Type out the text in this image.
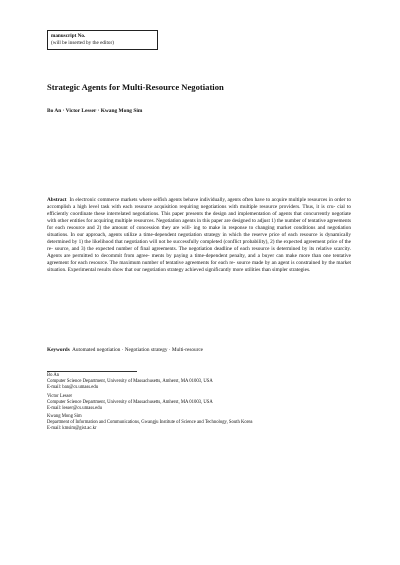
manuscript No.
(will be inserted by the editor)
Strategic Agents for Multi-Resource Negotiation
Bo An · Victor Lesser · Kwang Mong Sim
Abstract In electronic commerce markets where selfish agents behave individually, agents often have to acquire multiple resources in order to accomplish a high level task with each resource acquisition requiring negotiations with multiple resource providers. Thus, it is cru- cial to efficiently coordinate these interrelated negotiations. This paper presents the design and implementation of agents that concurrently negotiate with other entities for acquiring multiple resources. Negotiation agents in this paper are designed to adjust 1) the number of tentative agreements for each resource and 2) the amount of concession they are will- ing to make in response to changing market conditions and negotiation situations. In our approach, agents utilize a time-dependent negotiation strategy in which the reserve price of each resource is dynamically determined by 1) the likelihood that negotiation will not be successfully completed (conflict probability), 2) the expected agreement price of the re- source, and 3) the expected number of final agreements. The negotiation deadline of each resource is determined by its relative scarcity. Agents are permitted to decommit from agree- ments by paying a time-dependent penalty, and a buyer can make more than one tentative agreement for each resource. The maximum number of tentative agreements for each re- source made by an agent is constrained by the market situation. Experimental results show that our negotiation strategy achieved significantly more utilities than simpler strategies.
Keywords Automated negotiation · Negotiation strategy · Multi-resource
Bo An
Computer Science Department, University of Massachusetts, Amherst, MA 01003, USA
E-mail: ban@cs.umass.edu
Victor Lesser
Computer Science Department, University of Massachusetts, Amherst, MA 01003, USA
E-mail: lesser@cs.umass.edu
Kwang Mong Sim
Department of Information and Communications, Gwangju Institute of Science and Technology, South Korea
E-mail: kmsim@gist.ac.kr
